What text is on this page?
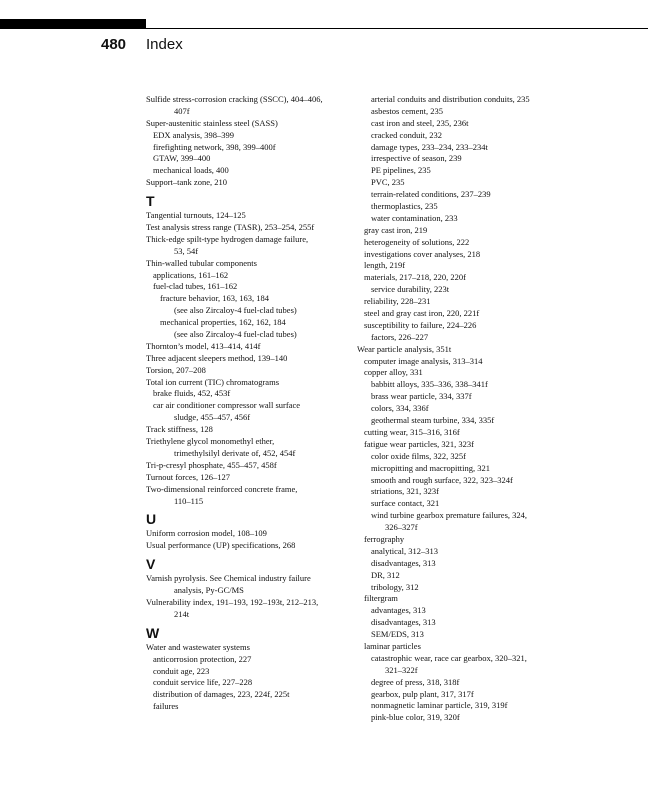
480 Index
Sulfide stress-corrosion cracking (SSCC), 404–406,
407f
Super-austenitic stainless steel (SASS)
EDX analysis, 398–399
firefighting network, 398, 399–400f
GTAW, 399–400
mechanical loads, 400
Support–tank zone, 210
T
Tangential turnouts, 124–125
Test analysis stress range (TASR), 253–254, 255f
Thick-edge spilt-type hydrogen damage failure,
53, 54f
Thin-walled tubular components
applications, 161–162
fuel-clad tubes, 161–162
fracture behavior, 163, 163, 184
(see also Zircaloy-4 fuel-clad tubes)
mechanical properties, 162, 162, 184
(see also Zircaloy-4 fuel-clad tubes)
Thornton’s model, 413–414, 414f
Three adjacent sleepers method, 139–140
Torsion, 207–208
Total ion current (TIC) chromatograms
brake fluids, 452, 453f
car air conditioner compressor wall surface
sludge, 455–457, 456f
Track stiffness, 128
Triethylene glycol monomethyl ether,
trimethylsilyl derivate of, 452, 454f
Tri-p-cresyl phosphate, 455–457, 458f
Turnout forces, 126–127
Two-dimensional reinforced concrete frame,
110–115
U
Uniform corrosion model, 108–109
Usual performance (UP) specifications, 268
V
Varnish pyrolysis. See Chemical industry failure
analysis, Py-GC/MS
Vulnerability index, 191–193, 192–193t, 212–213,
214t
W
Water and wastewater systems
anticorrosion protection, 227
conduit age, 223
conduit service life, 227–228
distribution of damages, 223, 224f, 225t
failures
arterial conduits and distribution conduits, 235
asbestos cement, 235
cast iron and steel, 235, 236t
cracked conduit, 232
damage types, 233–234, 233–234t
irrespective of season, 239
PE pipelines, 235
PVC, 235
terrain-related conditions, 237–239
thermoplastics, 235
water contamination, 233
gray cast iron, 219
heterogeneity of solutions, 222
investigations cover analyses, 218
length, 219f
materials, 217–218, 220, 220f
service durability, 223t
reliability, 228–231
steel and gray cast iron, 220, 221f
susceptibility to failure, 224–226
factors, 226–227
Wear particle analysis, 351t
computer image analysis, 313–314
copper alloy, 331
babbitt alloys, 335–336, 338–341f
brass wear particle, 334, 337f
colors, 334, 336f
geothermal steam turbine, 334, 335f
cutting wear, 315–316, 316f
fatigue wear particles, 321, 323f
color oxide films, 322, 325f
micropitting and macropitting, 321
smooth and rough surface, 322, 323–324f
striations, 321, 323f
surface contact, 321
wind turbine gearbox premature failures, 324,
326–327f
ferrography
analytical, 312–313
disadvantages, 313
DR, 312
tribology, 312
filtergram
advantages, 313
disadvantages, 313
SEM/EDS, 313
laminar particles
catastrophic wear, race car gearbox, 320–321,
321–322f
degree of press, 318, 318f
gearbox, pulp plant, 317, 317f
nonmagnetic laminar particle, 319, 319f
pink-blue color, 319, 320f
